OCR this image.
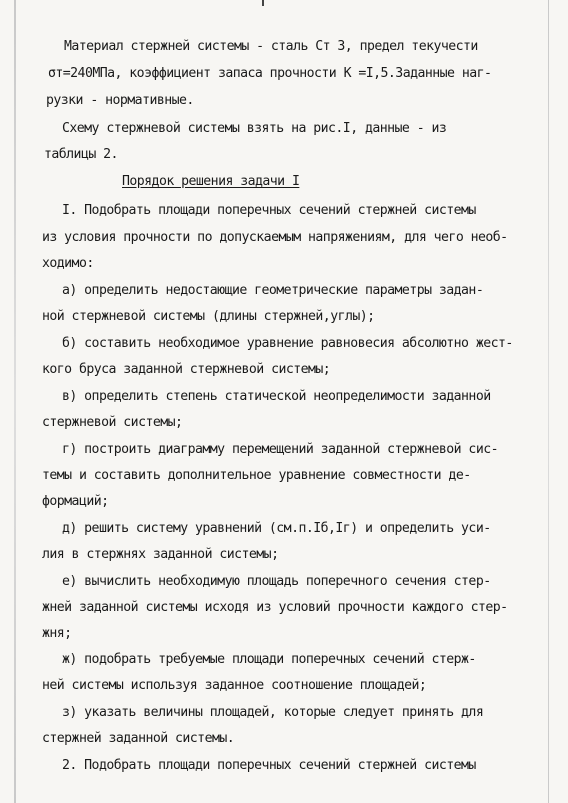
Материал стержней системы - сталь Ст 3, предел текучести
σт=240МПа, коэффициент запаса прочности К =I,5.Заданные наг-
рузки - нормативные.
Схему стержневой системы взять на рис.I, данные - из
таблицы 2.
Порядок решения задачи I
I. Подобрать площади поперечных сечений стержней системы
из условия прочности по допускаемым напряжениям, для чего необ-
ходимо:
а) определить недостающие геометрические параметры задан-
ной стержневой системы (длины стержней,углы);
б) составить необходимое уравнение равновесия абсолютно жест-
кого бруса заданной стержневой системы;
в) определить степень статической неопределимости заданной
стержневой системы;
г) построить диаграмму перемещений заданной стержневой сис-
темы и составить дополнительное уравнение совместности де-
формаций;
д) решить систему уравнений (см.п.Iб,Iг) и определить уси-
лия в стержнях заданной системы;
е) вычислить необходимую площадь поперечного сечения стер-
жней заданной системы исходя из условий прочности каждого стер-
жня;
ж) подобрать требуемые площади поперечных сечений стерж-
ней системы используя заданное соотношение площадей;
з) указать величины площадей, которые следует принять для
стержней заданной системы.
2. Подобрать площади поперечных сечений стержней системы
